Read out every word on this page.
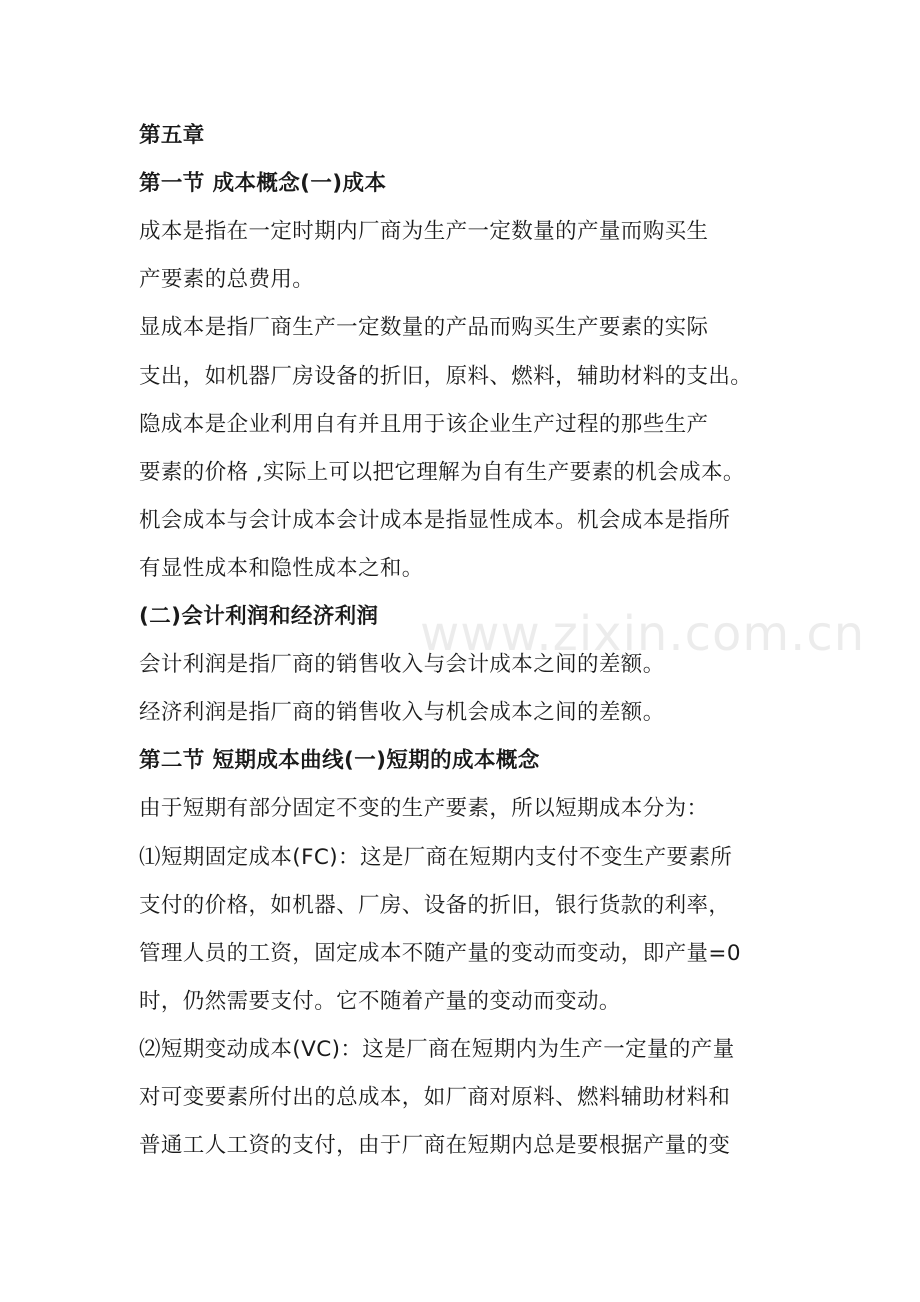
www.zixin.com.cn
第五章
第一节 成本概念(一)成本
成本是指在一定时期内厂商为生产一定数量的产量而购买生
产要素的总费用。
显成本是指厂商生产一定数量的产品而购买生产要素的实际
支出，如机器厂房设备的折旧，原料、燃料，辅助材料的支出。
隐成本是企业利用自有并且用于该企业生产过程的那些生产
要素的价格 ,实际上可以把它理解为自有生产要素的机会成本。
机会成本与会计成本会计成本是指显性成本。机会成本是指所
有显性成本和隐性成本之和。
(二)会计利润和经济利润
会计利润是指厂商的销售收入与会计成本之间的差额。
经济利润是指厂商的销售收入与机会成本之间的差额。
第二节 短期成本曲线(一)短期的成本概念
由于短期有部分固定不变的生产要素，所以短期成本分为：
⑴短期固定成本(FC)：这是厂商在短期内支付不变生产要素所
支付的价格，如机器、厂房、设备的折旧，银行货款的利率，
管理人员的工资，固定成本不随产量的变动而变动，即产量=0
时，仍然需要支付。它不随着产量的变动而变动。
⑵短期变动成本(VC)：这是厂商在短期内为生产一定量的产量
对可变要素所付出的总成本，如厂商对原料、燃料辅助材料和
普通工人工资的支付，由于厂商在短期内总是要根据产量的变
